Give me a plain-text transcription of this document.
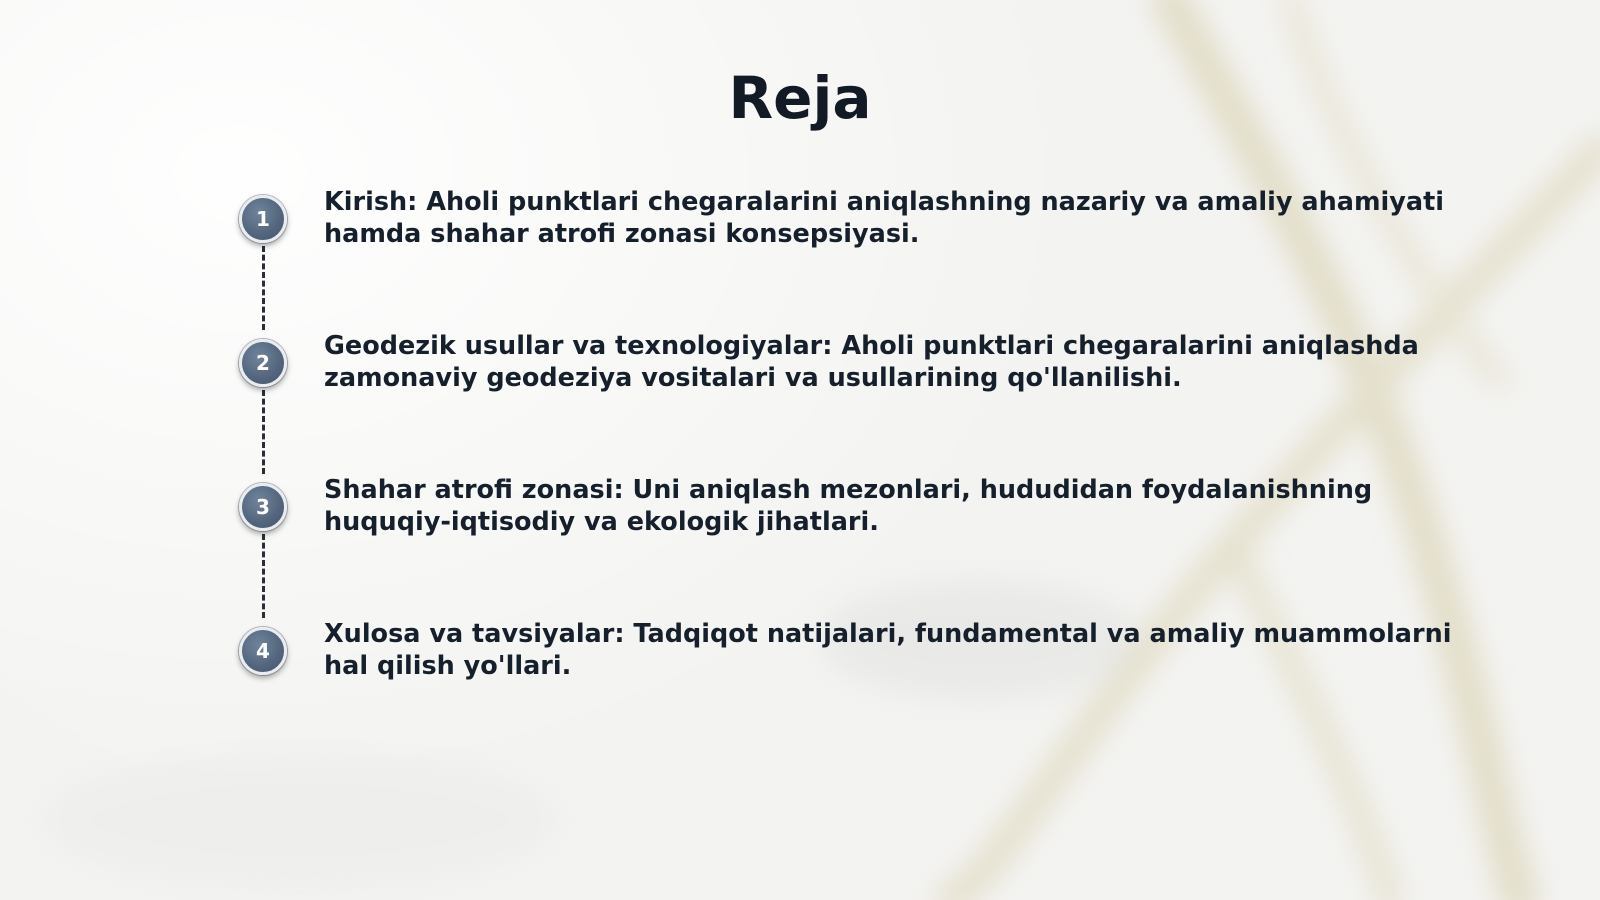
Reja
1

Kirish: Aholi punktlari chegaralarini aniqlashning nazariy va amaliy ahamiyati hamda shahar atrofi zonasi konsepsiyasi.

2

Geodezik usullar va texnologiyalar: Aholi punktlari chegaralarini aniqlashda zamonaviy geodeziya vositalari va usullarining qo'llanilishi.

3

Shahar atrofi zonasi: Uni aniqlash mezonlari, hududidan foydalanishning huquqiy-iqtisodiy va ekologik jihatlari.

4

Xulosa va tavsiyalar: Tadqiqot natijalari, fundamental va amaliy muammolarni hal qilish yo'llari.
